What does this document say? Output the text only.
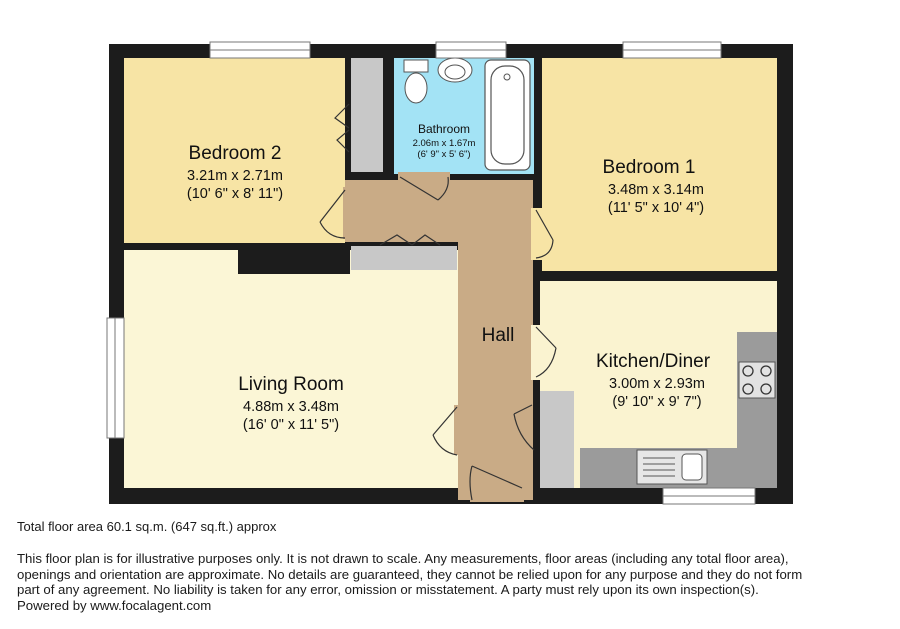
Bedroom 2
3.21m x 2.71m
(10' 6" x 8' 11")
Bathroom
2.06m x 1.67m
(6' 9" x 5' 6")
Bedroom 1
3.48m x 3.14m
(11' 5" x 10' 4")
Living Room
4.88m x 3.48m
(16' 0" x 11' 5")
Hall
Kitchen/Diner
3.00m x 2.93m
(9' 10" x 9' 7")
Total floor area 60.1 sq.m. (647 sq.ft.) approx
This floor plan is for illustrative purposes only. It is not drawn to scale. Any measurements, floor areas (including any total floor area),
openings and orientation are approximate. No details are guaranteed, they cannot be relied upon for any purpose and they do not form
part of any agreement. No liability is taken for any error, omission or misstatement. A party must rely upon its own inspection(s).
Powered by www.focalagent.com
